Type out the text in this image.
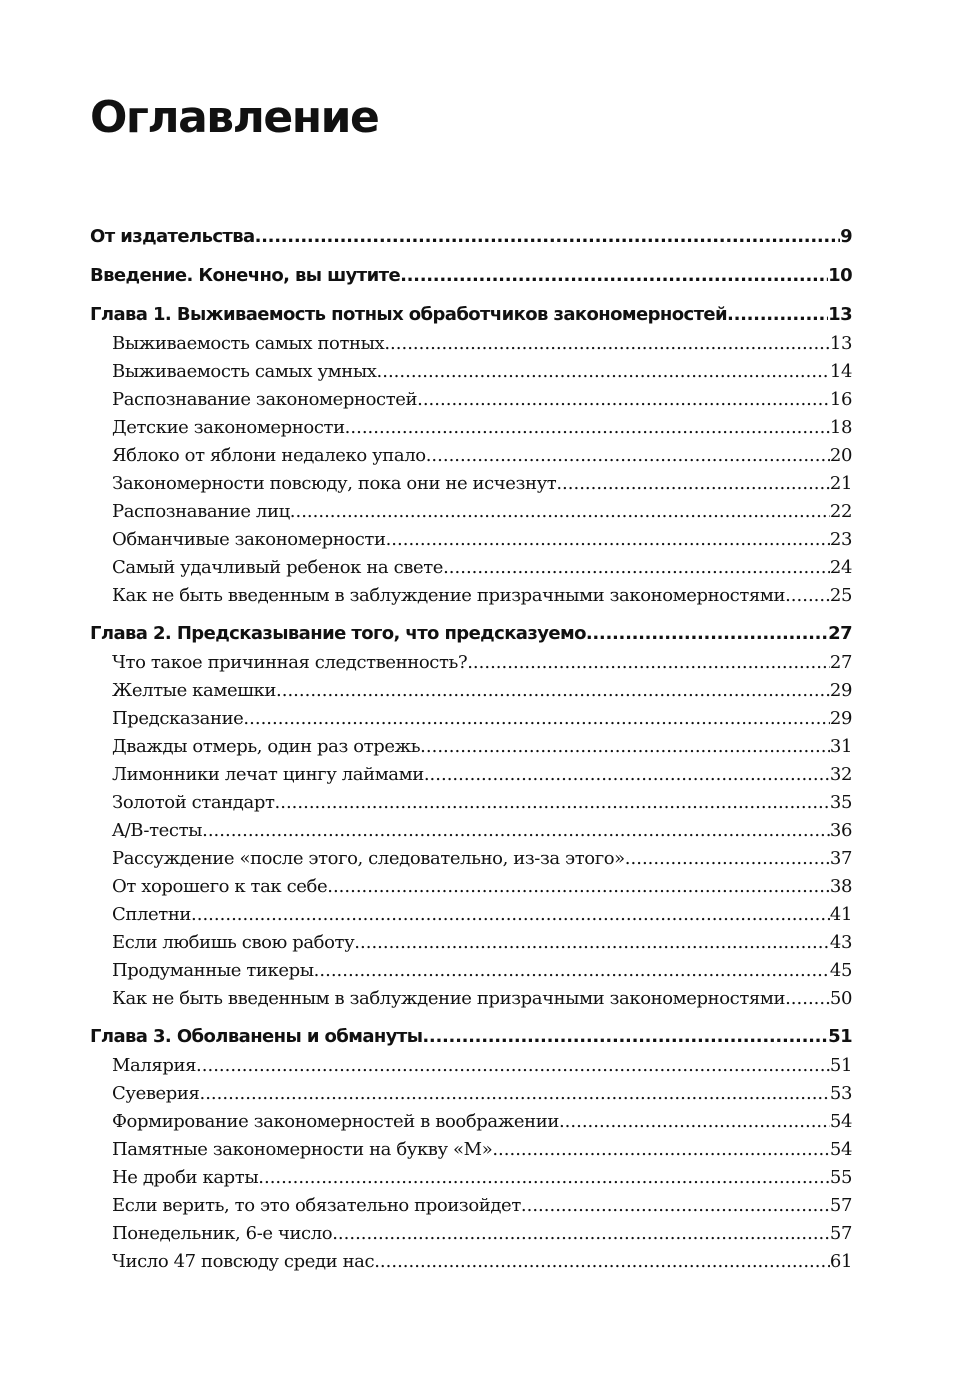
Оглавление
От издательства .....	9
Введение. Конечно, вы шутите .....	10
Глава 1. Выживаемость потных обработчиков закономерностей .....	13
Выживаемость самых потных .....	13
Выживаемость самых умных .....	14
Распознавание закономерностей .....	16
Детские закономерности .....	18
Яблоко от яблони недалеко упало .....	20
Закономерности повсюду, пока они не исчезнут .....	21
Распознавание лиц .....	22
Обманчивые закономерности .....	23
Самый удачливый ребенок на свете .....	24
Как не быть введенным в заблуждение призрачными закономерностями ..... 25
Глава 2. Предсказывание того, что предсказуемо .....	27
Что такое причинная следственность? .....	27
Желтые камешки .....	29
Предсказание .....	29
Дважды отмерь, один раз отрежь .....	31
Лимонники лечат цингу лаймами .....	32
Золотой стандарт .....	35
A/B-тесты .....	36
Рассуждение «после этого, следовательно, из-за этого» .....	37
От хорошего к так себе .....	38
Сплетни .....	41
Если любишь свою работу .....	43
Продуманные тикеры .....	45
Как не быть введенным в заблуждение призрачными закономерностями ..... 50
Глава 3. Оболванены и обмануты .....	51
Малярия .....	51
Суеверия .....	53
Формирование закономерностей в воображении .....	54
Памятные закономерности на букву «М» .....	54
Не дроби карты .....	55
Если верить, то это обязательно произойдет .....	57
Понедельник, 6-е число .....	57
Число 47 повсюду среди нас .....	61
